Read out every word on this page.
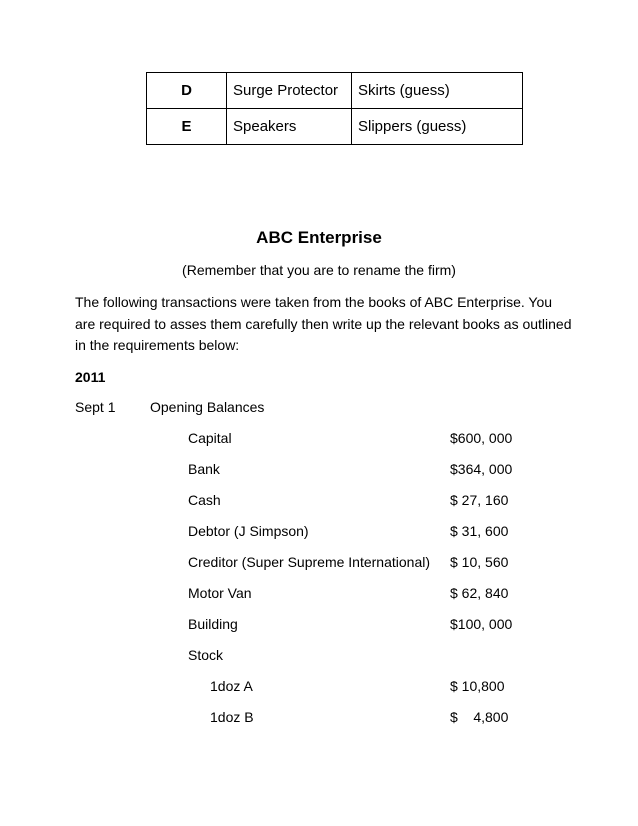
D	Surge Protector	Skirts (guess)
E	Speakers	Slippers (guess)
ABC Enterprise
(Remember that you are to rename the firm)
The following transactions were taken from the books of ABC Enterprise. You are required to asses them carefully then write up the relevant books as outlined in the requirements below:
2011
Sept 1 Opening Balances
Capital	$600, 000
Bank	$364, 000
Cash	$ 27, 160
Debtor (J Simpson)	$ 31, 600
Creditor (Super Supreme International) $ 10, 560
Motor Van	$ 62, 840
Building	$100, 000
Stock
1doz A	$ 10,800
1doz B	$    4,800
